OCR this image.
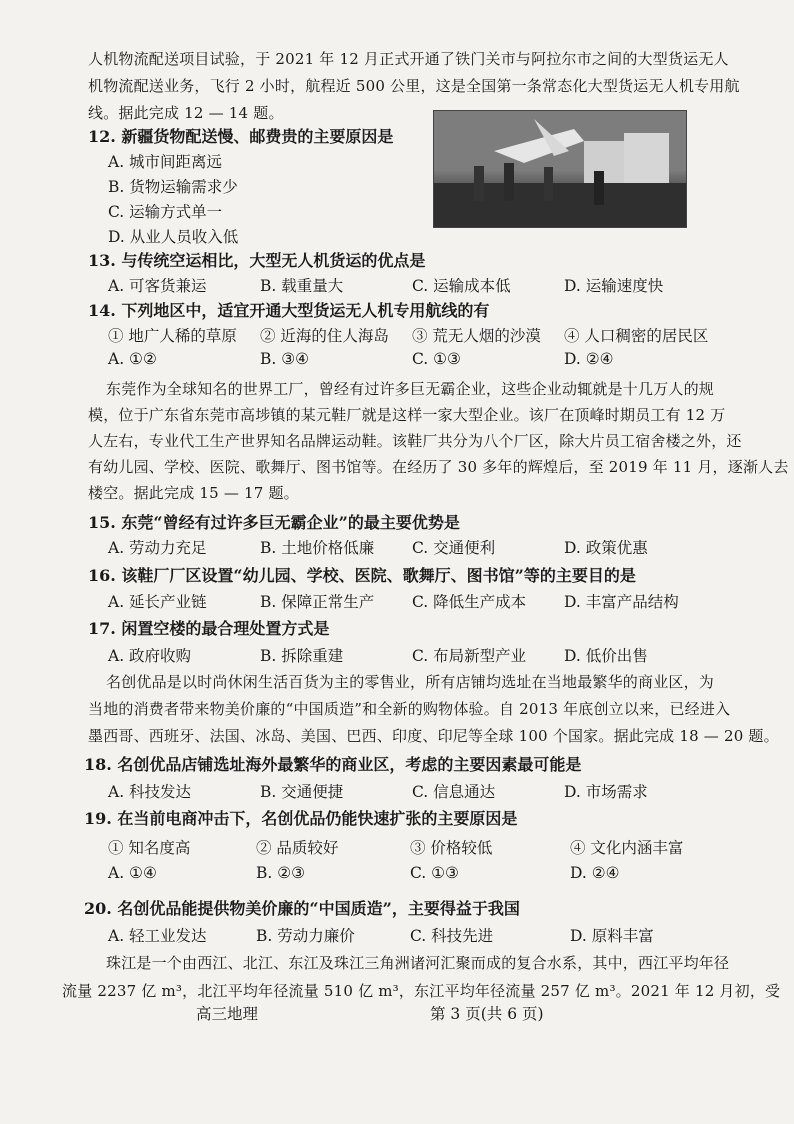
人机物流配送项目试验，于 2021 年 12 月正式开通了铁门关市与阿拉尔市之间的大型货运无人
机物流配送业务，飞行 2 小时，航程近 500 公里，这是全国第一条常态化大型货运无人机专用航
线。据此完成 12 — 14 题。
12. 新疆货物配送慢、邮费贵的主要原因是
A. 城市间距离远
B. 货物运输需求少
C. 运输方式单一
D. 从业人员收入低
13. 与传统空运相比，大型无人机货运的优点是
A. 可客货兼运	B. 载重量大	C. 运输成本低	D. 运输速度快
14. 下列地区中，适宜开通大型货运无人机专用航线的有
① 地广人稀的草原 ② 近海的住人海岛 ③ 荒无人烟的沙漠 ④ 人口稠密的居民区
A. ①②	B. ③④	C. ①③	D. ②④
东莞作为全球知名的世界工厂，曾经有过许多巨无霸企业，这些企业动辄就是十几万人的规
模，位于广东省东莞市高埗镇的某元鞋厂就是这样一家大型企业。该厂在顶峰时期员工有 12 万
人左右，专业代工生产世界知名品牌运动鞋。该鞋厂共分为八个厂区，除大片员工宿舍楼之外，还
有幼儿园、学校、医院、歌舞厅、图书馆等。在经历了 30 多年的辉煌后，至 2019 年 11 月，逐渐人去
楼空。据此完成 15 — 17 题。
15. 东莞“曾经有过许多巨无霸企业”的最主要优势是
A. 劳动力充足	B. 土地价格低廉 C. 交通便利	D. 政策优惠
16. 该鞋厂厂区设置“幼儿园、学校、医院、歌舞厅、图书馆”等的主要目的是
A. 延长产业链	B. 保障正常生产 C. 降低生产成本 D. 丰富产品结构
17. 闲置空楼的最合理处置方式是
A. 政府收购	B. 拆除重建	C. 布局新型产业 D. 低价出售
名创优品是以时尚休闲生活百货为主的零售业，所有店铺均选址在当地最繁华的商业区，为
当地的消费者带来物美价廉的“中国质造”和全新的购物体验。自 2013 年底创立以来，已经进入
墨西哥、西班牙、法国、冰岛、美国、巴西、印度、印尼等全球 100 个国家。据此完成 18 — 20 题。
18. 名创优品店铺选址海外最繁华的商业区，考虑的主要因素最可能是
A. 科技发达	B. 交通便捷	C. 信息通达	D. 市场需求
19. 在当前电商冲击下，名创优品仍能快速扩张的主要原因是
① 知名度高	② 品质较好	③ 价格较低	④ 文化内涵丰富
A. ①④	B. ②③	C. ①③	D. ②④
20. 名创优品能提供物美价廉的“中国质造”，主要得益于我国
A. 轻工业发达	B. 劳动力廉价	C. 科技先进	D. 原料丰富
珠江是一个由西江、北江、东江及珠江三角洲诸河汇聚而成的复合水系，其中，西江平均年径
流量 2237 亿 m³，北江平均年径流量 510 亿 m³，东江平均年径流量 257 亿 m³。2021 年 12 月初，受
高三地理	第 3 页(共 6 页)
